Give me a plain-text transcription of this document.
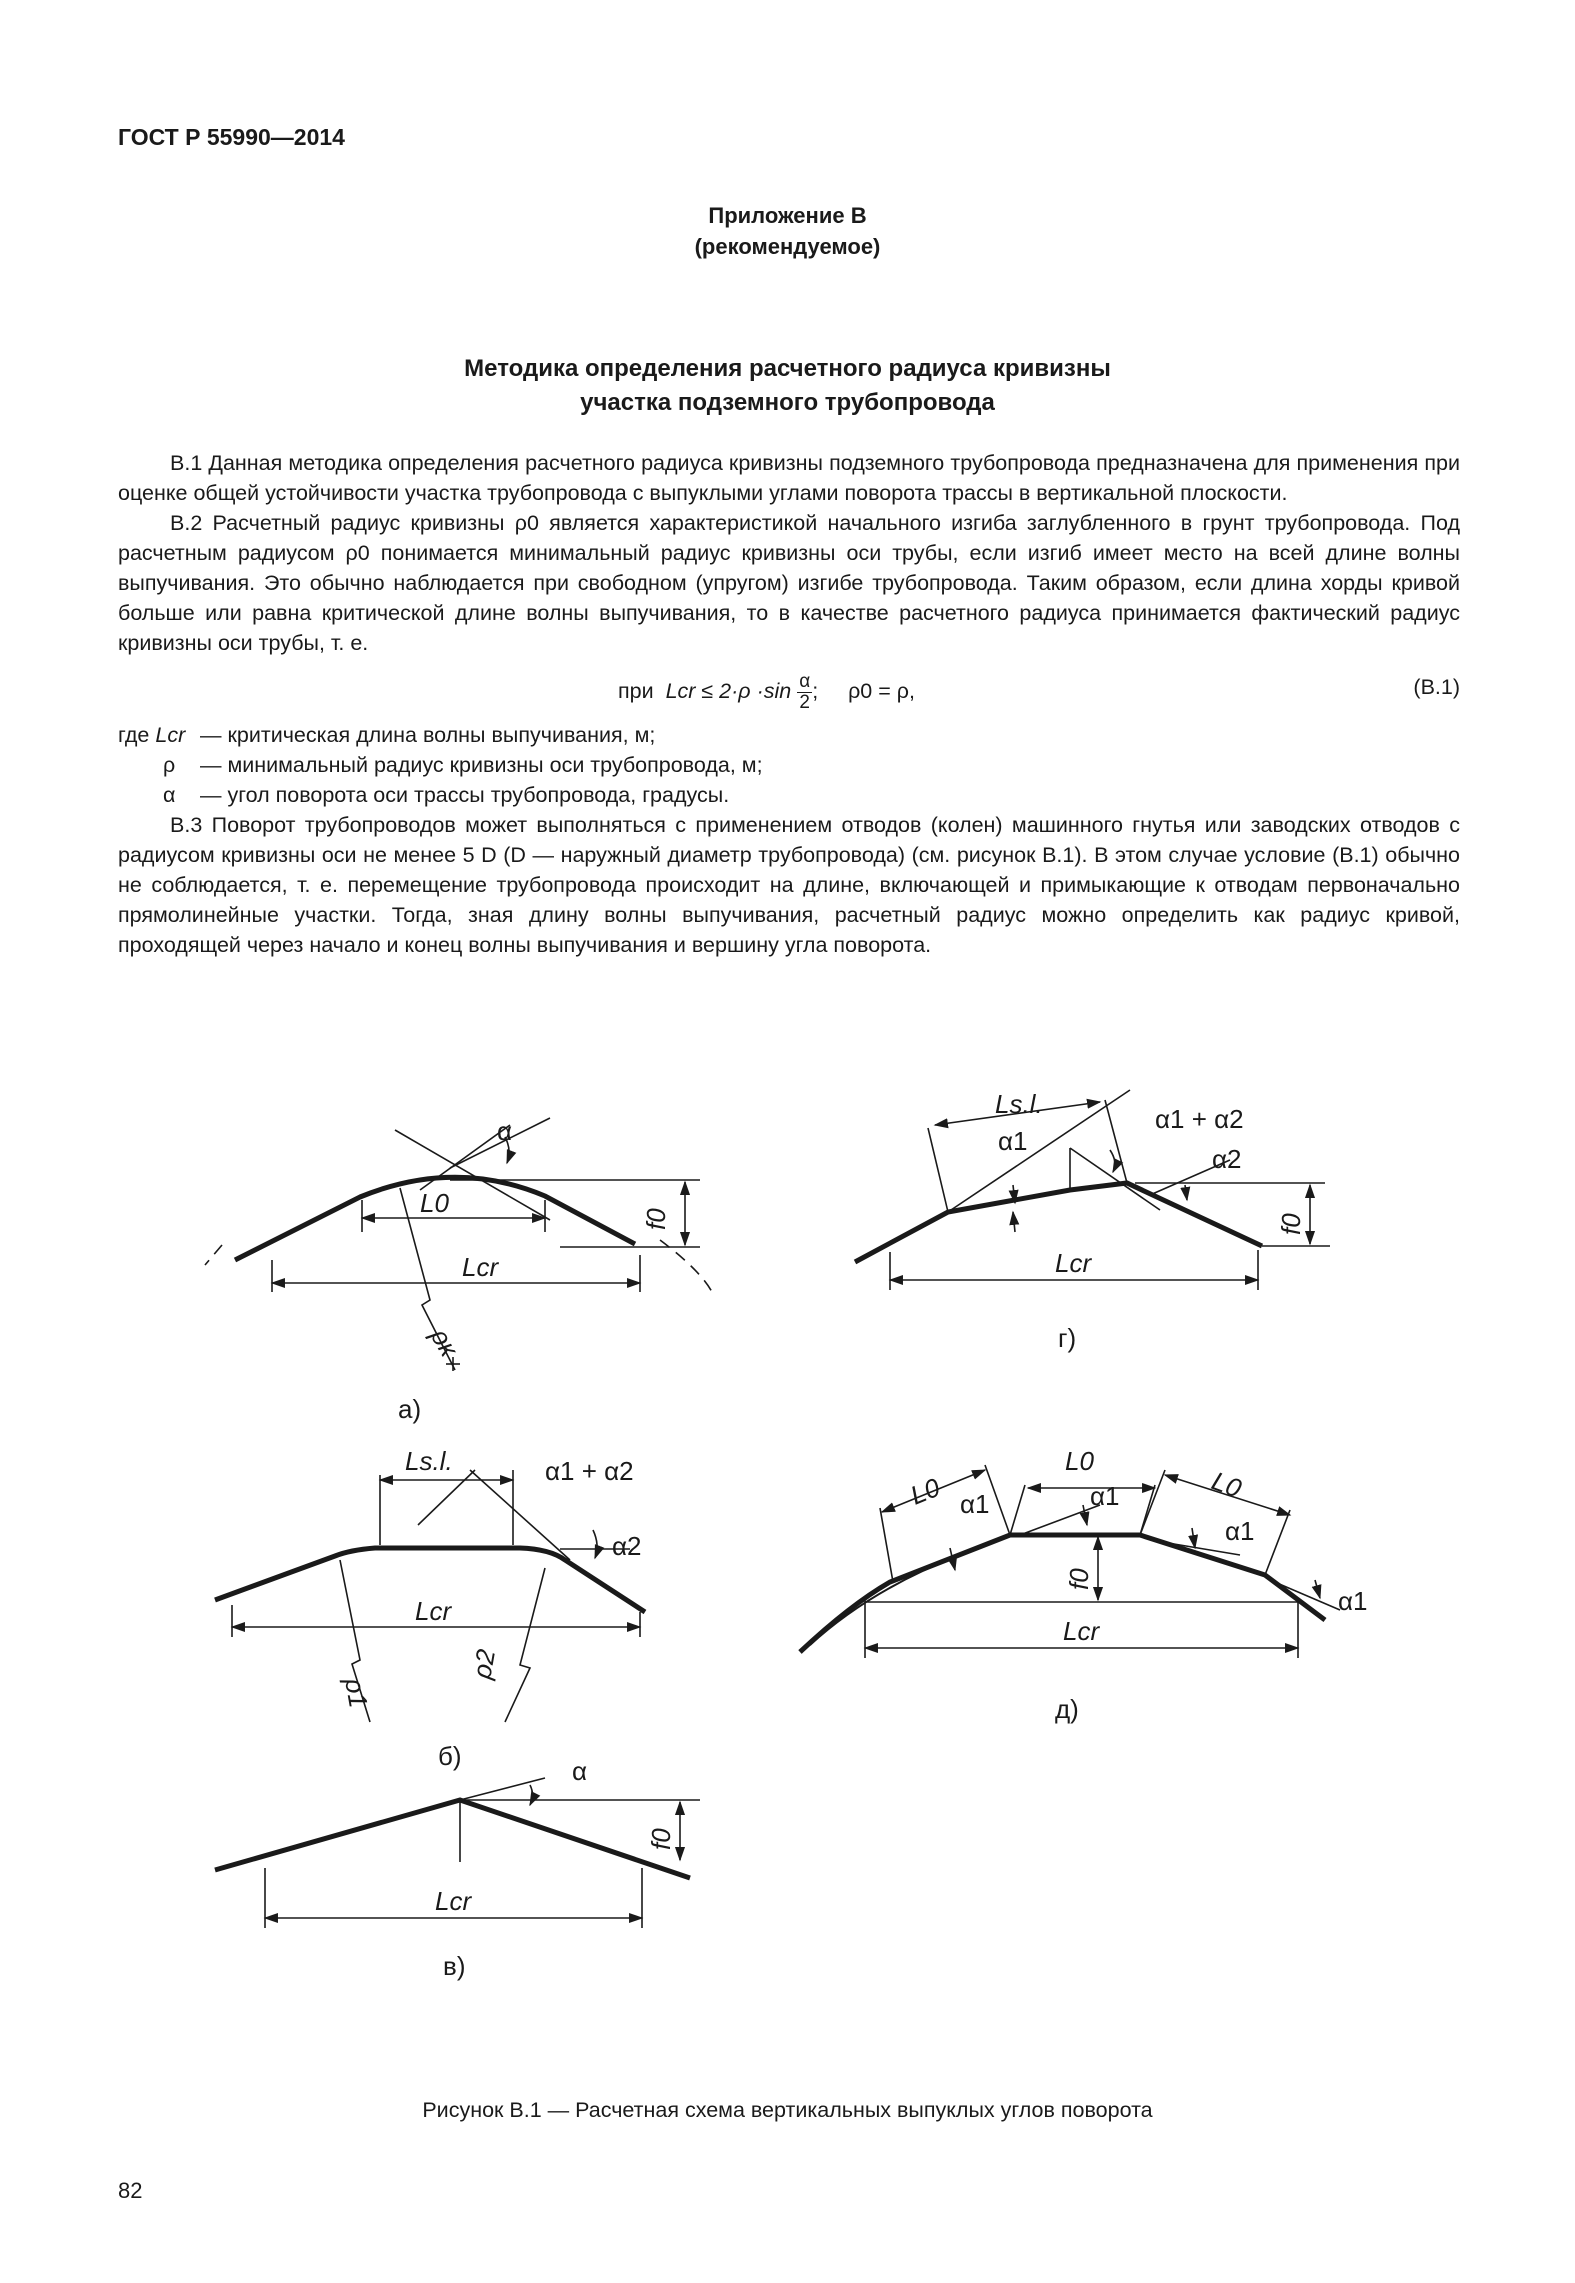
ГОСТ Р 55990—2014
Приложение В
(рекомендуемое)
Методика определения расчетного радиуса кривизны
участка подземного трубопровода

В.1 Данная методика определения расчетного радиуса кривизны подземного трубопровода предназначена для применения при оценке общей устойчивости участка трубопровода с выпуклыми углами поворота трассы в вертикальной плоскости.

В.2 Расчетный радиус кривизны ρ0 является характеристикой начального изгиба заглубленного в грунт трубопровода. Под расчетным радиусом ρ0 понимается минимальный радиус кривизны оси трубы, если изгиб имеет место на всей длине волны выпучивания. Это обычно наблюдается при свободном (упругом) изгибе трубопровода. Таким образом, если длина хорды кривой больше или равна критической длине волны выпучивания, то в качестве расчетного радиуса принимается фактический радиус кривизны оси трубы, т. е.

при Lcr ≤ $2\cdot\rho \cdot\sin \frac{\alpha}{2}$ ; ρ0 = ρ,	(В.1)
где Lcr — критическая длина волны выпучивания, м;
ρ	— минимальный радиус кривизны оси трубопровода, м;
α	— угол поворота оси трассы трубопровода, градусы.

В.3 Поворот трубопроводов может выполняться с применением отводов (колен) машинного гнутья или заводских отводов с радиусом кривизны оси не менее 5 D (D — наружный диаметр трубопровода) (см. рисунок В.1). В этом случае условие (В.1) обычно не соблюдается, т. е. перемещение трубопровода происходит на длине, включающей и примыкающие к отводам первоначально прямолинейные участки. Тогда, зная длину волны выпучивания, расчетный радиус можно определить как радиус кривой, проходящей через начало и конец волны выпучивания и вершину угла поворота.

α
L0
Lcr
f0
ρк
Ls.l.	α1 + α2
α2
Lcr
ρ1
ρ2
α
f0
Lcr
Ls.l.
α1
α1 + α2
α2
f0
Lcr
L0
L0
L0
α1	α1
α1
α1
f0
Lcr
а)
б)
в)
г)
д)
Рисунок В.1 — Расчетная схема вертикальных выпуклых углов поворота
82
